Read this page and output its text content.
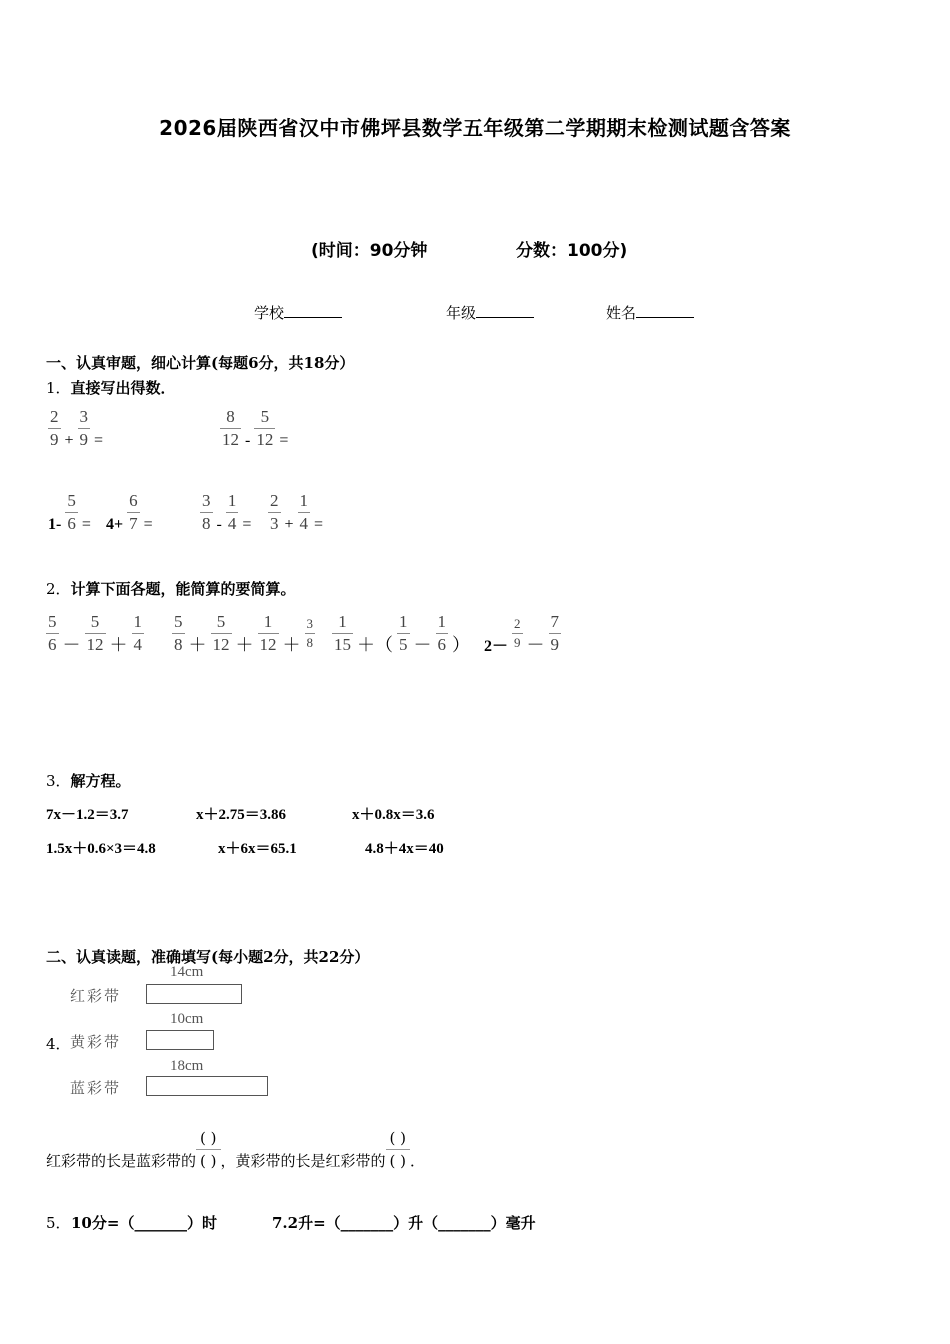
2026届陕西省汉中市佛坪县数学五年级第二学期期末检测试题含答案
(时间：90分钟	分数：100分)
学校	年级	姓名
一、认真审题，细心计算(每题6分，共18分）
1．直接写出得数．
$\frac{2}{9} + \frac{3}{9}$ =	$\frac{8}{12} - \frac{5}{12}$ =
$1- \frac{5}{6} = 4+ \frac{6}{7}$ =	$\frac{3}{8} - \frac{1}{4} = \frac{2}{3} + \frac{1}{4}$ =
2．计算下面各题，能简算的要简算。
$\frac{5}{6} - \frac{5}{12} + \frac{1}{4} \frac{5}{8} + \frac{5}{12} + \frac{1}{12} + \frac{3}{8} \frac{1}{15}$ ＋（ $\frac{1}{5} - \frac{1}{6}$ ） $2- \frac{2}{9} - \frac{7}{9}$
3．解方程。
7x－1.2＝3.7	x＋2.75＝3.86	x＋0.8x＝3.6
1.5x＋0.6×3＝4.8	x＋6x＝65.1	4.8＋4x＝40
二、认真读题，准确填写(每小题2分，共22分）
14cm
红彩带
10cm
4． 黄彩带
18cm
蓝彩带
红彩带的长是蓝彩带的 $\frac{( )}{( )}$ ，黄彩带的长是红彩带的 $\frac{( )}{( )}$ ．
5． 10分=（_______）时	7.2升=（_______）升（_______）毫升
